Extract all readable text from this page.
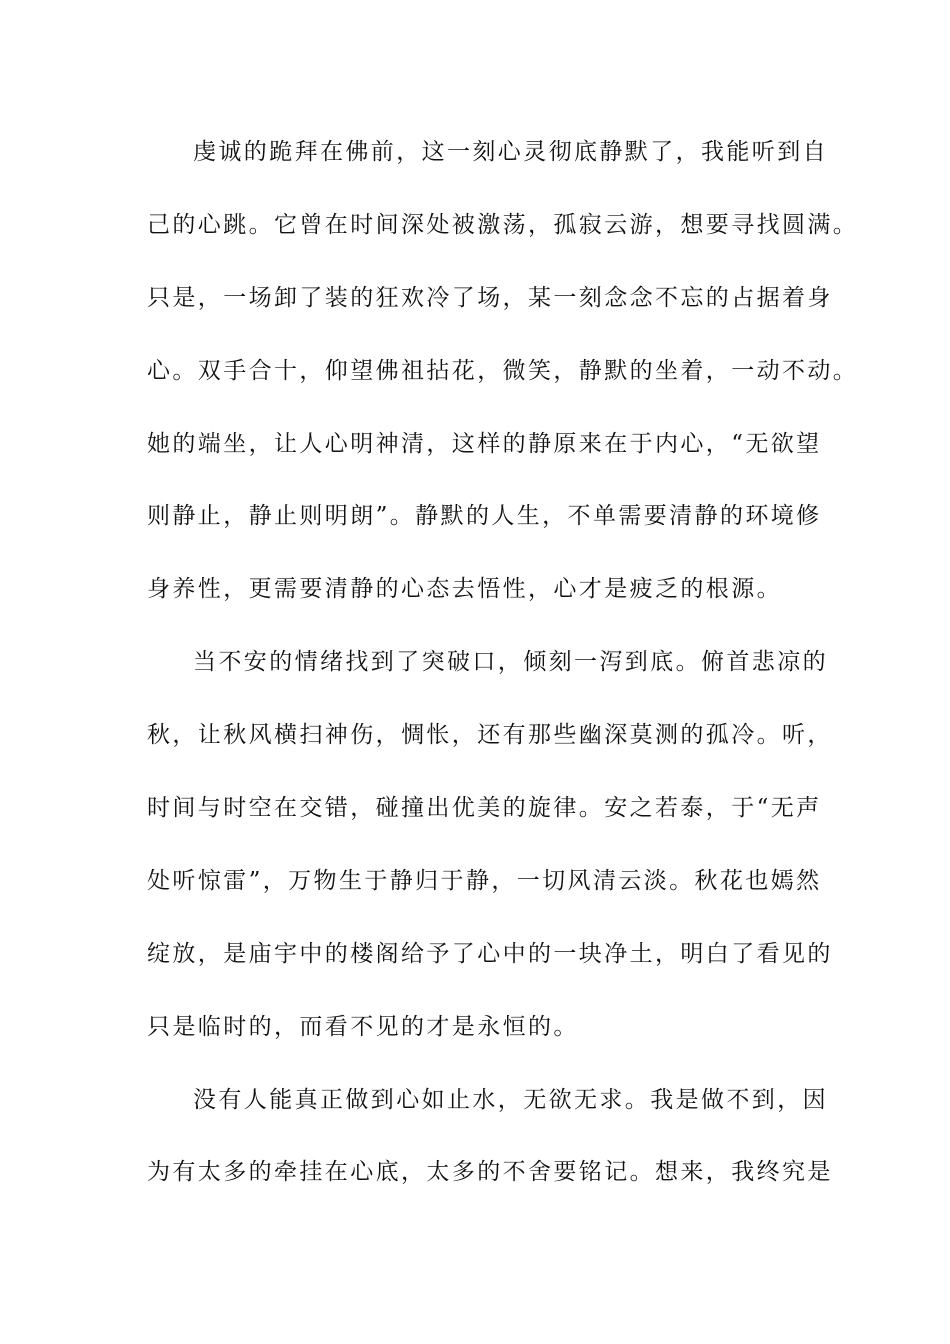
虔诚的跪拜在佛前，这一刻心灵彻底静默了，我能听到自
己的心跳。它曾在时间深处被激荡，孤寂云游，想要寻找圆满。
只是，一场卸了装的狂欢冷了场，某一刻念念不忘的占据着身
心。双手合十，仰望佛祖拈花，微笑，静默的坐着，一动不动。
她的端坐，让人心明神清，这样的静原来在于内心，“无欲望
则静止，静止则明朗”。静默的人生，不单需要清静的环境修
身养性，更需要清静的心态去悟性，心才是疲乏的根源。
当不安的情绪找到了突破口，倾刻一泻到底。俯首悲凉的
秋，让秋风横扫神伤，惆怅，还有那些幽深莫测的孤冷。听，
时间与时空在交错，碰撞出优美的旋律。安之若泰，于“无声
处听惊雷”，万物生于静归于静，一切风清云淡。秋花也嫣然
绽放，是庙宇中的楼阁给予了心中的一块净土，明白了看见的
只是临时的，而看不见的才是永恒的。
没有人能真正做到心如止水，无欲无求。我是做不到，因
为有太多的牵挂在心底，太多的不舍要铭记。想来，我终究是
